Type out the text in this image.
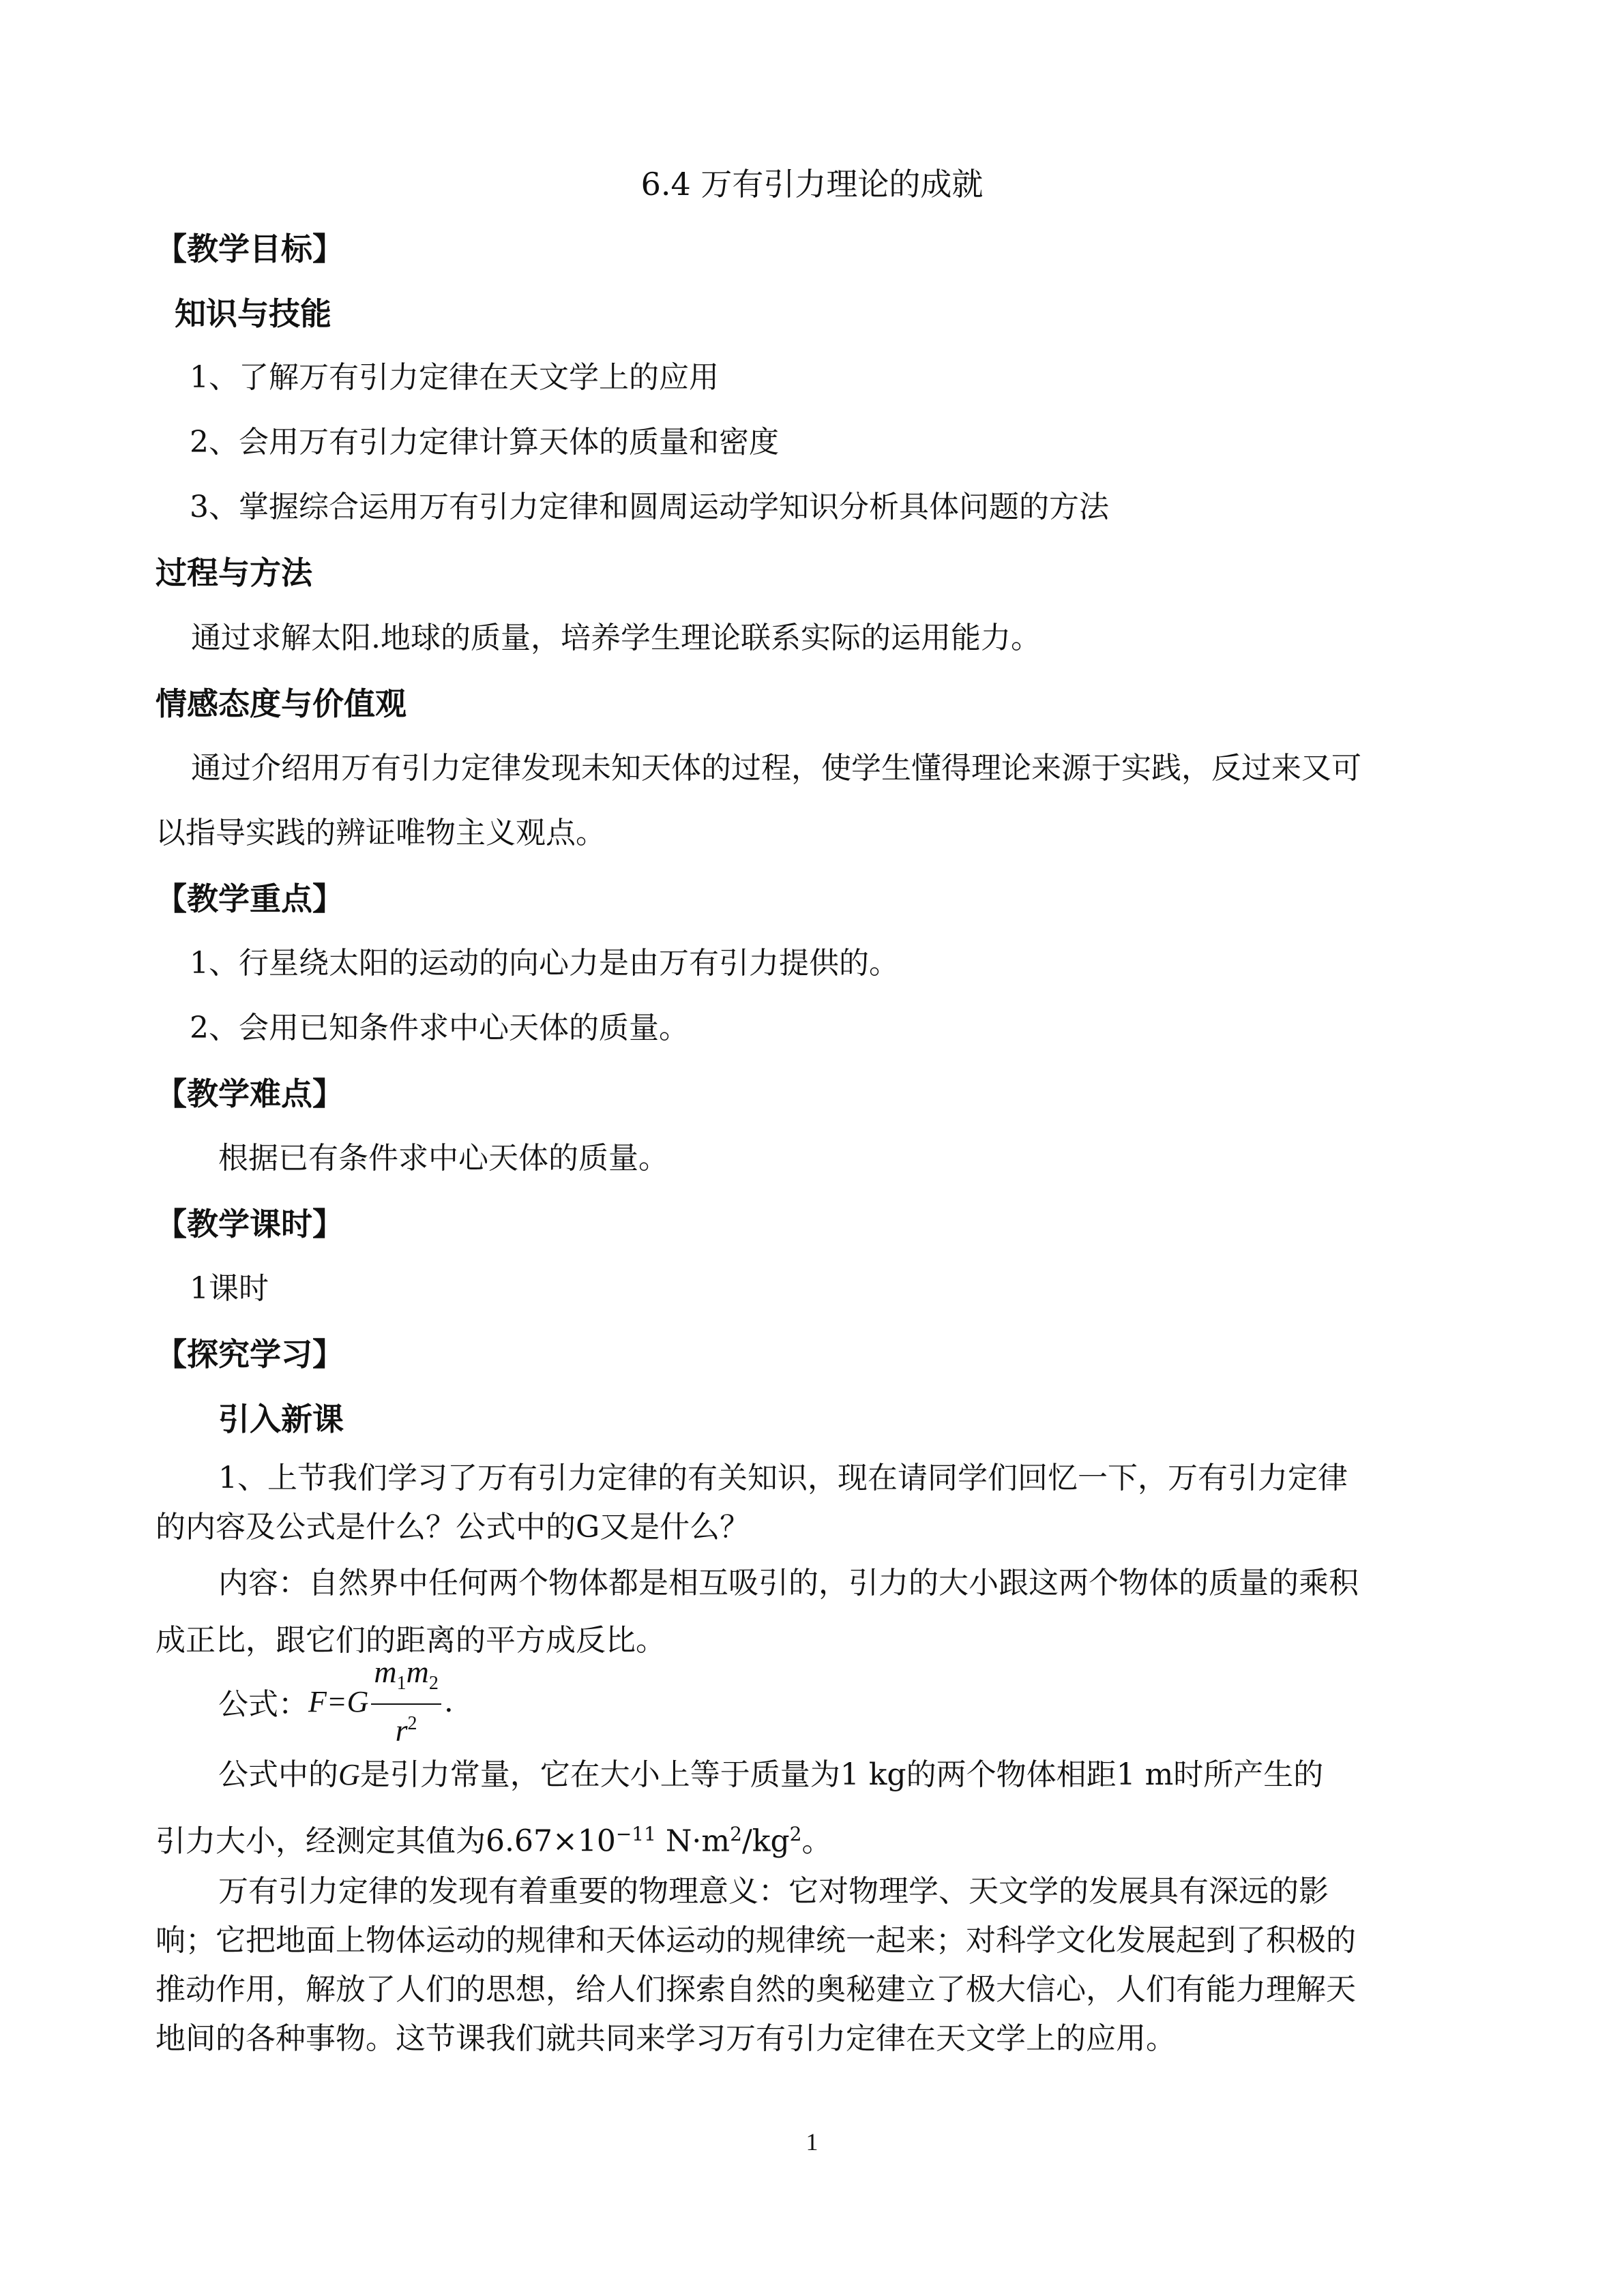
6.4 万有引力理论的成就
【教学目标】
知识与技能
1、了解万有引力定律在天文学上的应用
2、会用万有引力定律计算天体的质量和密度
3、掌握综合运用万有引力定律和圆周运动学知识分析具体问题的方法
过程与方法
通过求解太阳.地球的质量，培养学生理论联系实际的运用能力。
情感态度与价值观
通过介绍用万有引力定律发现未知天体的过程，使学生懂得理论来源于实践，反过来又可
以指导实践的辨证唯物主义观点。
【教学重点】
1、行星绕太阳的运动的向心力是由万有引力提供的。
2、会用已知条件求中心天体的质量。
【教学难点】
根据已有条件求中心天体的质量。
【教学课时】
1课时
【探究学习】
引入新课
1、上节我们学习了万有引力定律的有关知识，现在请同学们回忆一下，万有引力定律
的内容及公式是什么？公式中的G又是什么？
内容：自然界中任何两个物体都是相互吸引的，引力的大小跟这两个物体的质量的乘积
成正比，跟它们的距离的平方成反比。
公式： $F=G \frac{m_1m_2}{r^2}$ .
公式中的G是引力常量，它在大小上等于质量为1 kg的两个物体相距1 m时所产生的
引力大小，经测定其值为$6.67\times 10^{-11}$ $N\cdot m^2/kg^2$。
万有引力定律的发现有着重要的物理意义：它对物理学、天文学的发展具有深远的影
响；它把地面上物体运动的规律和天体运动的规律统一起来；对科学文化发展起到了积极的
推动作用，解放了人们的思想，给人们探索自然的奥秘建立了极大信心，人们有能力理解天
地间的各种事物。这节课我们就共同来学习万有引力定律在天文学上的应用。
1
